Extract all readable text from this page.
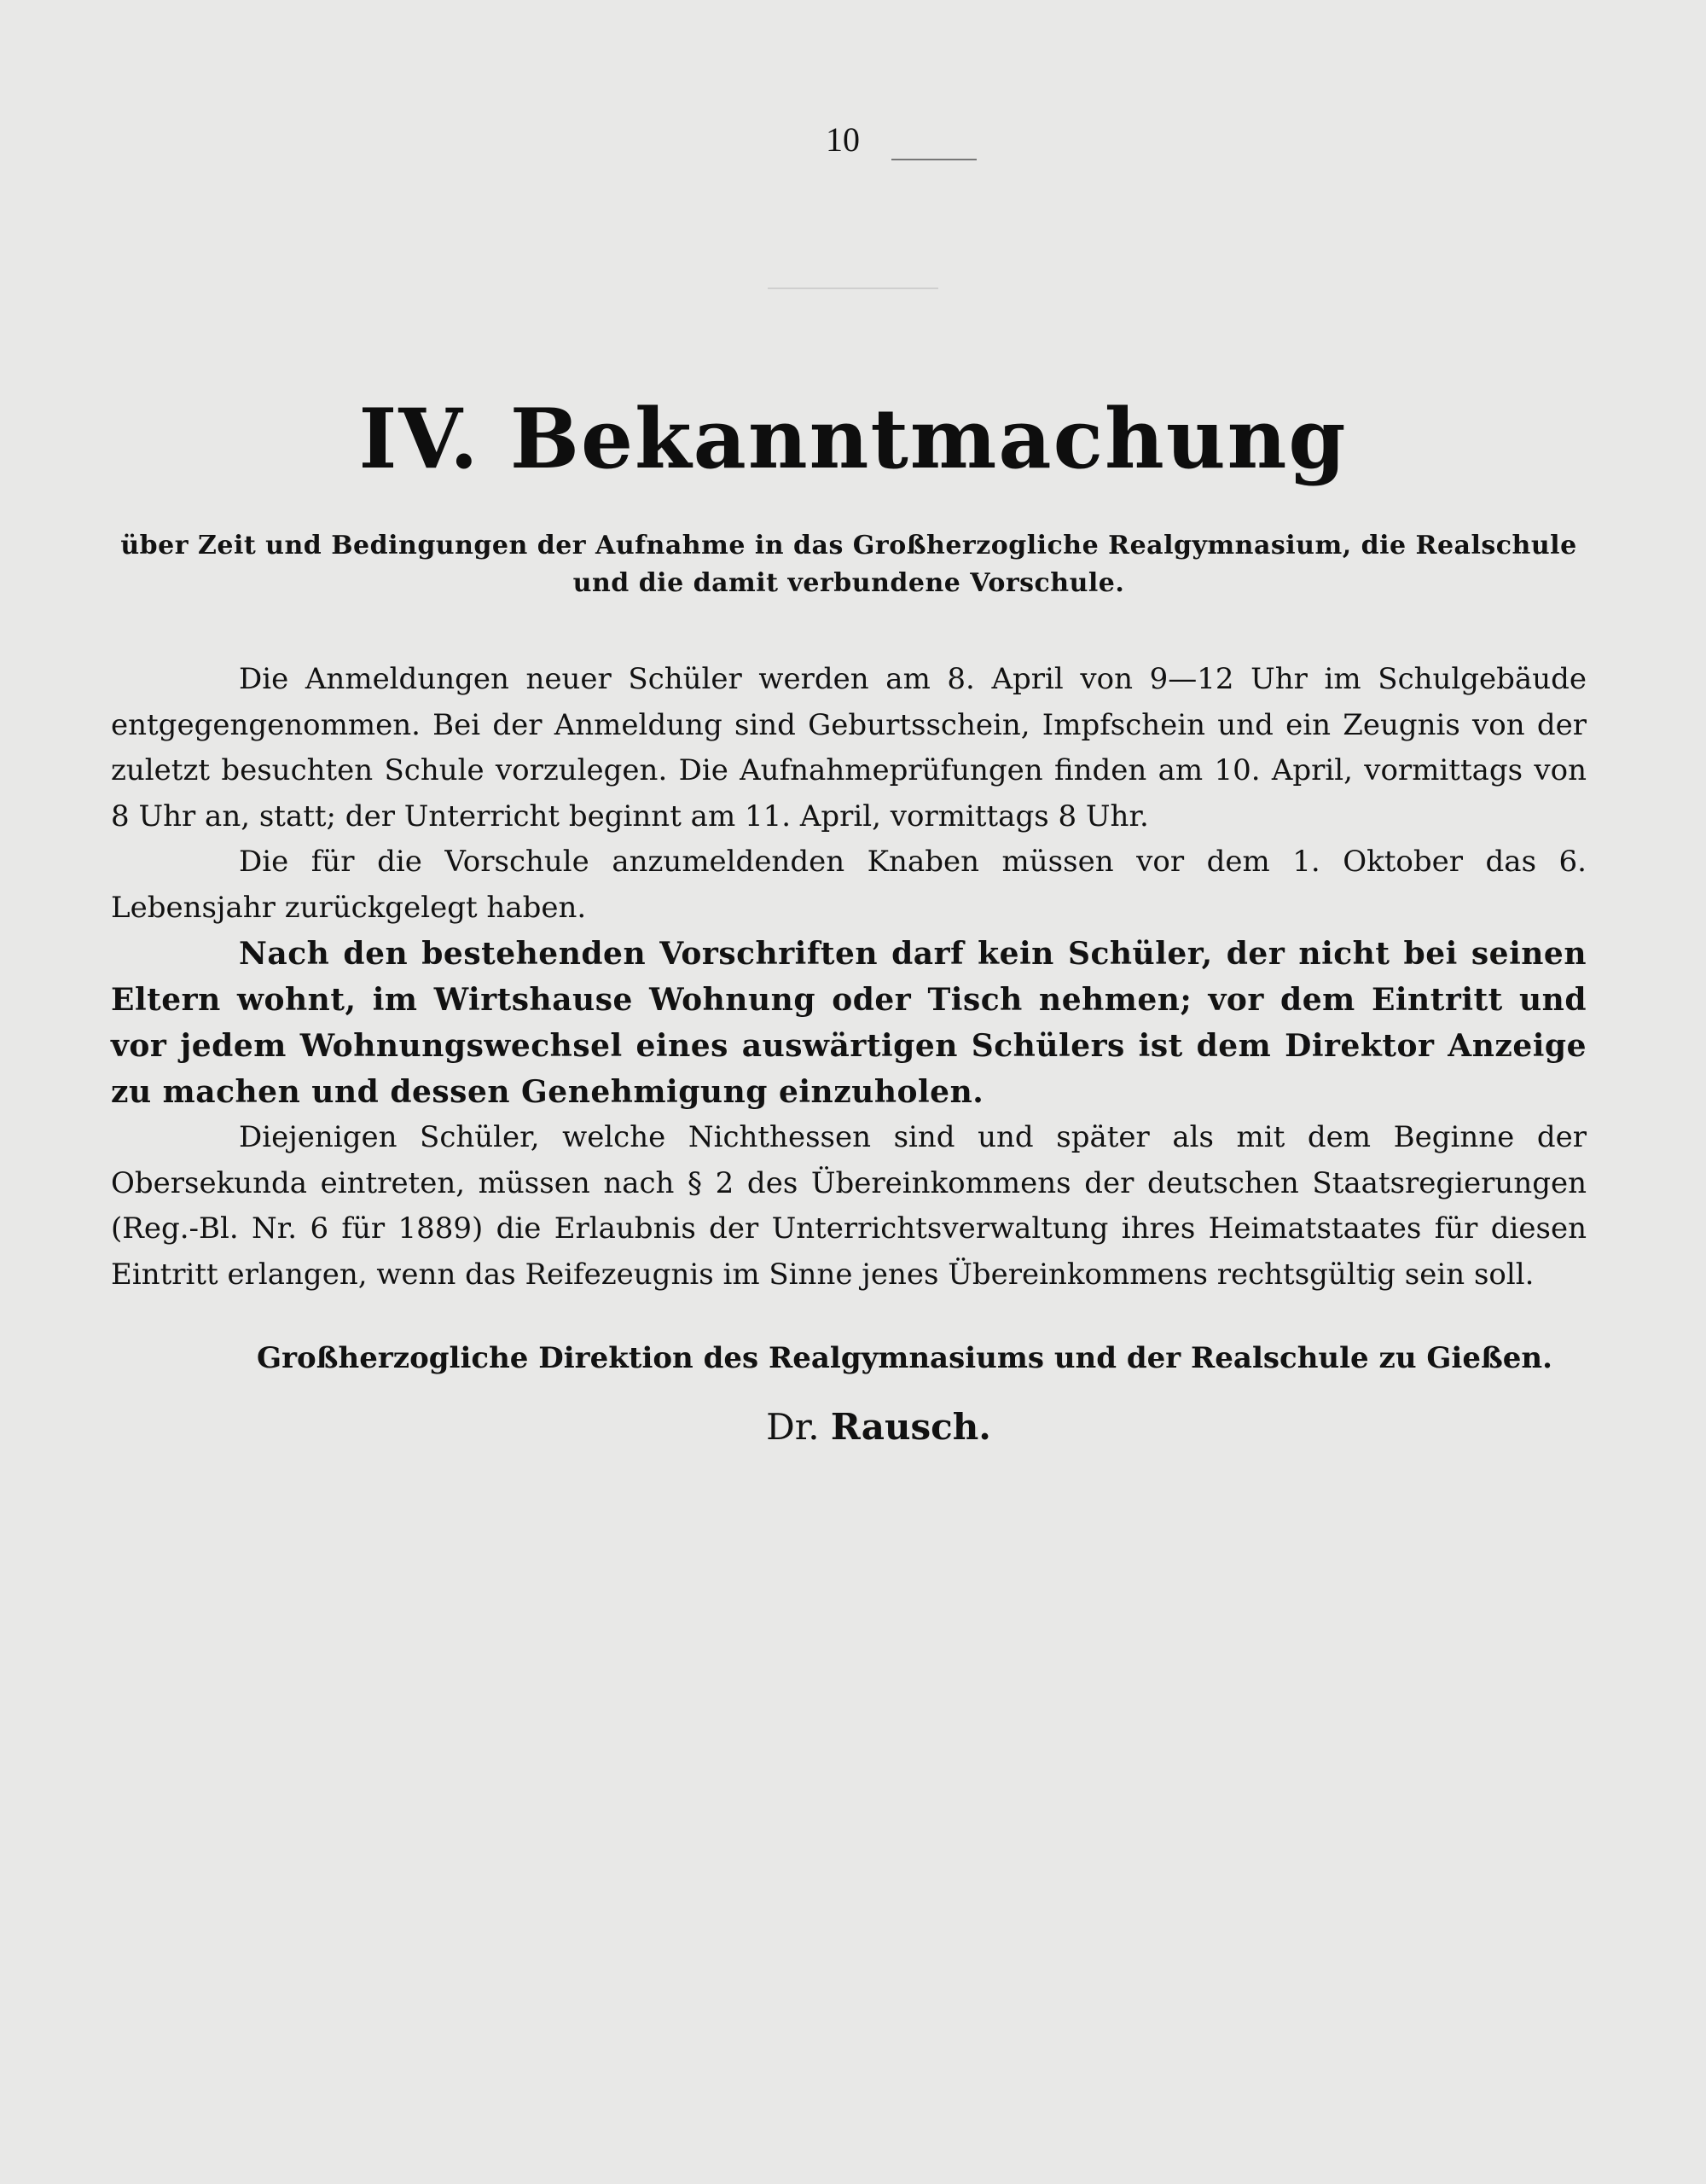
10
IV. Bekanntmachung
über Zeit und Bedingungen der Aufnahme in das Großherzogliche Realgymnasium, die Realschule und die damit verbundene Vorschule.

Die Anmeldungen neuer Schüler werden am 8. April von 9—12 Uhr im Schulgebäude entgegengenommen. Bei der Anmeldung sind Geburtsschein, Impfschein und ein Zeugnis von der zuletzt besuchten Schule vorzulegen. Die Aufnahmeprüfungen finden am 10. April, vormittags von 8 Uhr an, statt; der Unterricht beginnt am 11. April, vormittags 8 Uhr.

Die für die Vorschule anzumeldenden Knaben müssen vor dem 1. Oktober das 6. Lebensjahr zurückgelegt haben.

Nach den bestehenden Vorschriften darf kein Schüler, der nicht bei seinen Eltern wohnt, im Wirtshause Wohnung oder Tisch nehmen; vor dem Eintritt und vor jedem Wohnungswechsel eines auswärtigen Schülers ist dem Direktor Anzeige zu machen und dessen Genehmigung einzuholen.

Diejenigen Schüler, welche Nichthessen sind und später als mit dem Beginne der Obersekunda eintreten, müssen nach § 2 des Übereinkommens der deutschen Staatsregierungen (Reg.-Bl. Nr. 6 für 1889) die Erlaubnis der Unterrichtsverwaltung ihres Heimatstaates für diesen Eintritt erlangen, wenn das Reifezeugnis im Sinne jenes Übereinkommens rechtsgültig sein soll.

Großherzogliche Direktion des Realgymnasiums und der Realschule zu Gießen.
Dr. Rausch.
